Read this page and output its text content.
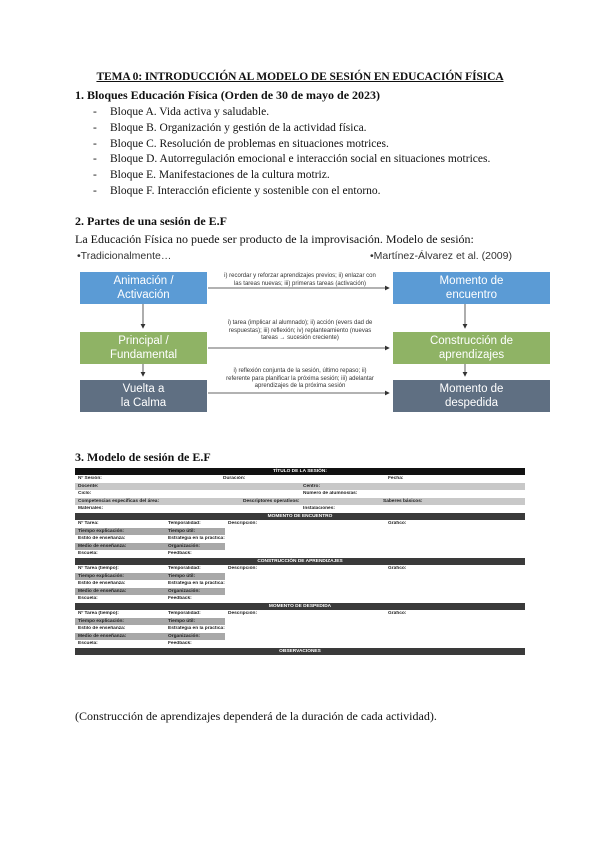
TEMA 0: INTRODUCCIÓN AL MODELO DE SESIÓN EN EDUCACIÓN FÍSICA
1. Bloques Educación Física (Orden de 30 de mayo de 2023)
- Bloque A. Vida activa y saludable.
- Bloque B. Organización y gestión de la actividad física.
- Bloque C. Resolución de problemas en situaciones motrices.
- Bloque D. Autorregulación emocional e interacción social en situaciones motrices.
- Bloque E. Manifestaciones de la cultura motriz.
- Bloque F. Interacción eficiente y sostenible con el entorno.
2. Partes de una sesión de E.F
La Educación Física no puede ser producto de la improvisación. Modelo de sesión:
•Tradicionalmente…	•Martínez-Álvarez et al. (2009)
Animación /
Activación
Principal /
Fundamental
Vuelta a
la Calma
Momento de
encuentro
Construcción de
aprendizajes
Momento de
despedida
i) recordar y reforzar aprendizajes previos; ii) enlazar con
las tareas nuevas; iii) primeras tareas (activación)
i) tarea (implicar al alumnado); ii) acción (evers dad de
respuestas); iii) reflexión; iv) replanteamiento (nuevas
tareas → sucesión creciente)
i) reflexión conjunta de la sesión, último repaso; ii)
referente para planificar la próxima sesión; iii) adelantar
aprendizajes de la próxima sesión
3. Modelo de sesión de E.F
TÍTULO DE LA SESIÓN:
Nº Sesión:	Duración:	Fecha:
Docente:	Centro:
Ciclo:	Número de alumnos/as:
Competencias específicas del área:	Descriptores operativos:	Saberes básicos:
Materiales:	Instalaciones:
MOMENTO DE ENCUENTRO
Nº Tarea:	Temporalidad:	Descripción:	Gráfico:
Tiempo explicación:	Tiempo útil:
Estilo de enseñanza:	Estrategia en la práctica:
Medio de enseñanza:	Organización:
Escuela:	Feedback:
CONSTRUCCIÓN DE APRENDIZAJES
Nº Tarea (tiempo):	Temporalidad:	Descripción:	Gráfico:
Tiempo explicación:	Tiempo útil:
Estilo de enseñanza:	Estrategia en la práctica:
Medio de enseñanza:	Organización:
Escuela:	Feedback:
MOMENTO DE DESPEDIDA
Nº Tarea (tiempo):	Temporalidad:	Descripción:	Gráfico:
Tiempo explicación:	Tiempo útil:
Estilo de enseñanza:	Estrategia en la práctica:
Medio de enseñanza:	Organización:
Escuela:	Feedback:
OBSERVACIONES
(Construcción de aprendizajes dependerá de la duración de cada actividad).
